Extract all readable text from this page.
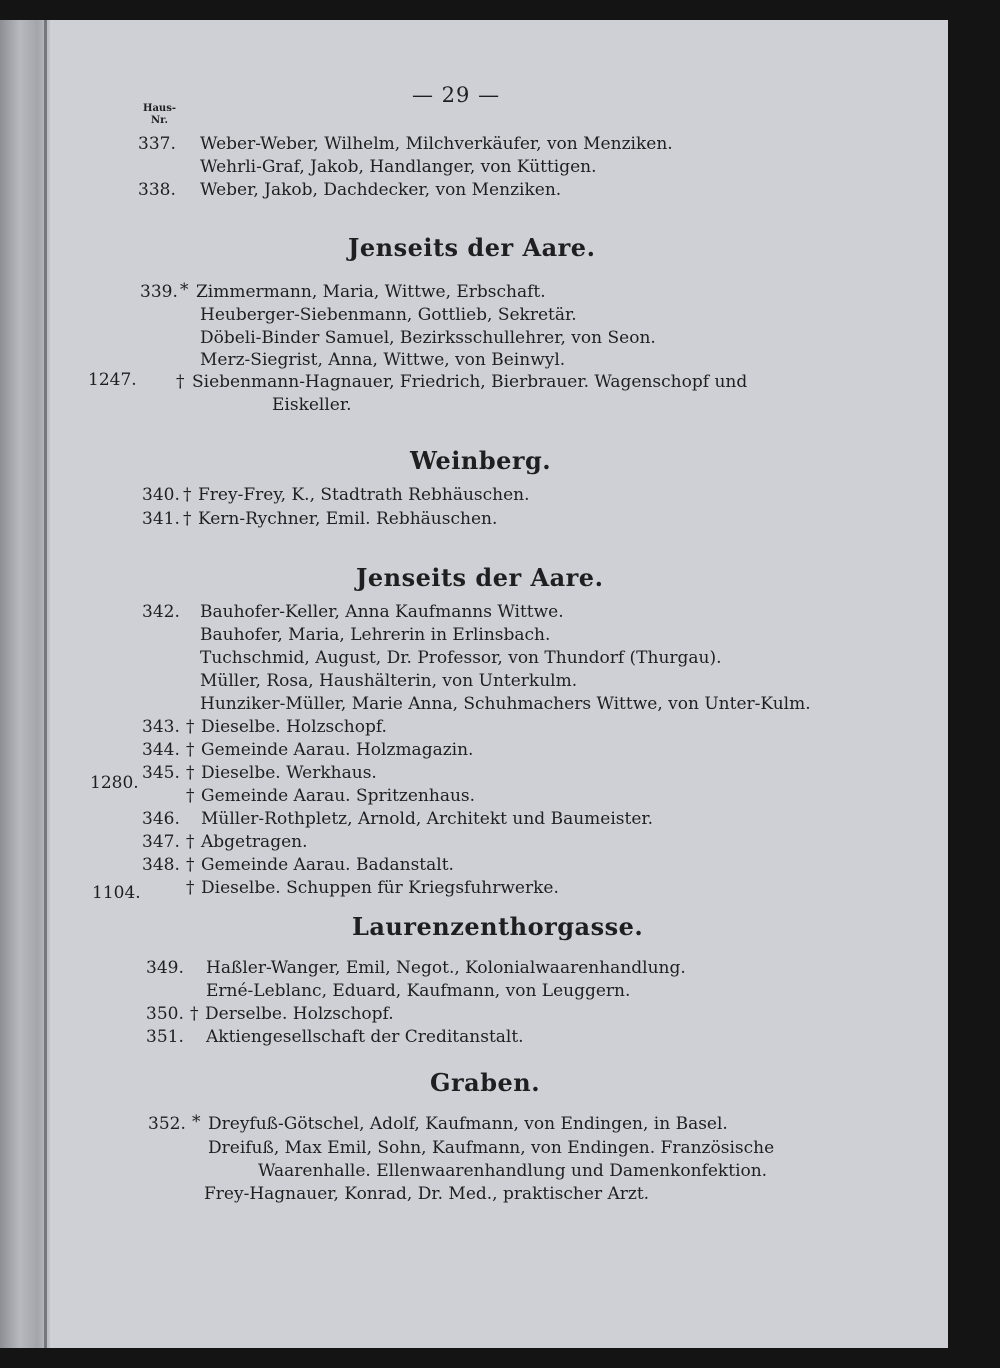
— 29 —
Haus-
Nr.
337. Weber-Weber, Wilhelm, Milchverkäufer, von Menziken.
Wehrli-Graf, Jakob, Handlanger, von Küttigen.
338. Weber, Jakob, Dachdecker, von Menziken.
Jenseits der Aare.
339. * Zimmermann, Maria, Wittwe, Erbschaft.
Heuberger-Siebenmann, Gottlieb, Sekretär.
Döbeli-Binder Samuel, Bezirksschullehrer, von Seon.
Merz-Siegrist, Anna, Wittwe, von Beinwyl.
1247. † Siebenmann-Hagnauer, Friedrich, Bierbrauer. Wagenschopf und
Eiskeller.
Weinberg.
340. † Frey-Frey, K., Stadtrath Rebhäuschen.
341. † Kern-Rychner, Emil. Rebhäuschen.
Jenseits der Aare.
342. Bauhofer-Keller, Anna Kaufmanns Wittwe.
Bauhofer, Maria, Lehrerin in Erlinsbach.
Tuchschmid, August, Dr. Professor, von Thundorf (Thurgau).
Müller, Rosa, Haushälterin, von Unterkulm.
Hunziker-Müller, Marie Anna, Schuhmachers Wittwe, von Unter-Kulm.
343. † Dieselbe. Holzschopf.
344. † Gemeinde Aarau. Holzmagazin.
345. † Dieselbe. Werkhaus.
1280.
† Gemeinde Aarau. Spritzenhaus.
346. Müller-Rothpletz, Arnold, Architekt und Baumeister.
347. † Abgetragen.
348. † Gemeinde Aarau. Badanstalt.
† Dieselbe. Schuppen für Kriegsfuhrwerke.
1104.
Laurenzenthorgasse.
349. Haßler-Wanger, Emil, Negot., Kolonialwaarenhandlung.
Erné-Leblanc, Eduard, Kaufmann, von Leuggern.
350. † Derselbe. Holzschopf.
351. Aktiengesellschaft der Creditanstalt.
Graben.
352. * Dreyfuß-Götschel, Adolf, Kaufmann, von Endingen, in Basel.
Dreifuß, Max Emil, Sohn, Kaufmann, von Endingen. Französische
Waarenhalle. Ellenwaarenhandlung und Damenkonfektion.
Frey-Hagnauer, Konrad, Dr. Med., praktischer Arzt.
